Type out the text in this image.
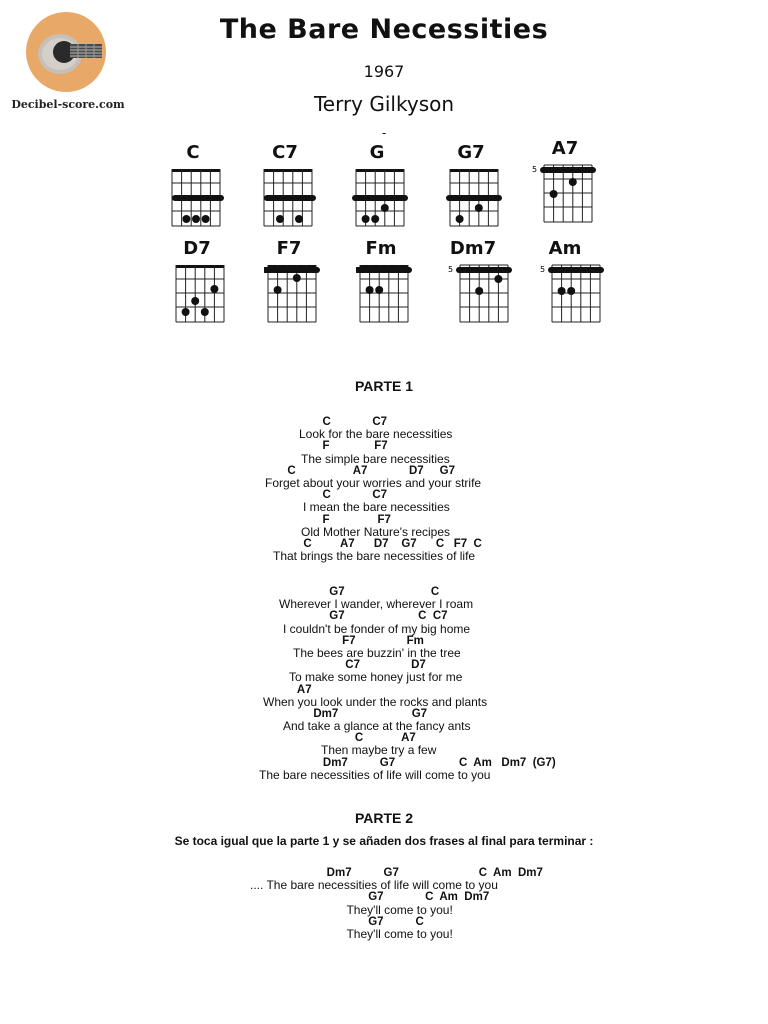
Decibel-score.com
The Bare Necessities
1967
Terry Gilkyson
-
C	C7	G	G7	A7
5
D7	F7	Fm	Dm7
5
Am
5
PARTE 1
C             C7
Look for the bare necessities
F              F7
The simple bare necessities
C                  A7             D7     G7
Forget about your worries and your strife
C             C7
I mean the bare necessities
F               F7
Old Mother Nature's recipes
C         A7      D7    G7      C   F7  C
That brings the bare necessities of life
G7                           C
Wherever I wander, wherever I roam
G7                       C  C7
I couldn't be fonder of my big home
F7                Fm
The bees are buzzin' in the tree
C7                D7
To make some honey just for me
A7
When you look under the rocks and plants
Dm7                       G7
And take a glance at the fancy ants
C            A7
Then maybe try a few
Dm7          G7                    C  Am   Dm7  (G7)
The bare necessities of life will come to you
PARTE 2
Se toca igual que la parte 1 y se añaden dos frases al final para terminar :
Dm7          G7                         C  Am  Dm7
.... The bare necessities of life will come to you
G7             C  Am  Dm7
They'll come to you!
G7          C
They'll come to you!
